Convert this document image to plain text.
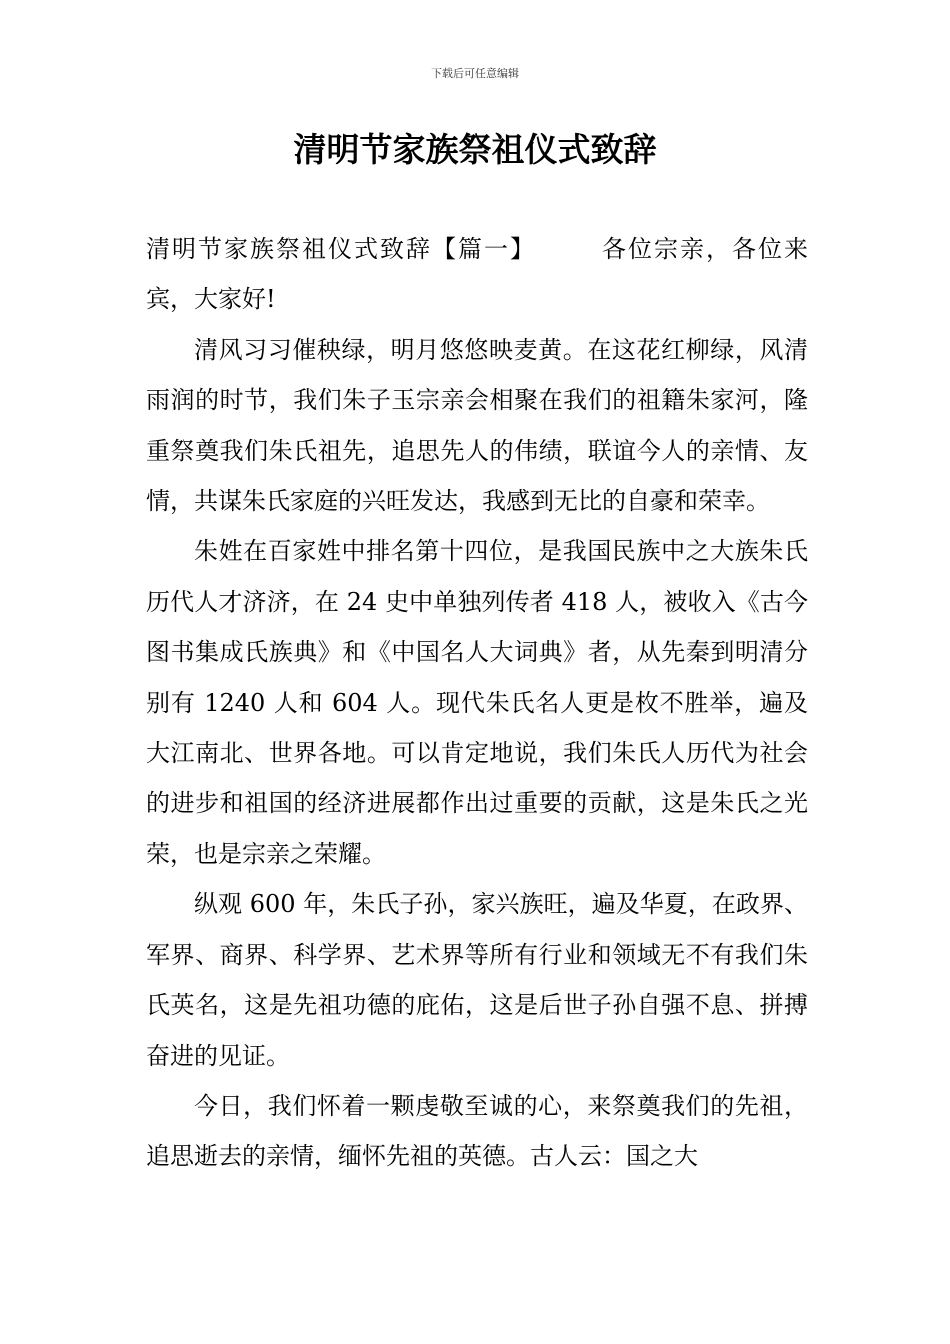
下载后可任意编辑
清明节家族祭祖仪式致辞

清明节家族祭祖仪式致辞【篇一】	各位宗亲，各位来宾，大家好!

清风习习催秧绿，明月悠悠映麦黄。在这花红柳绿，风清雨润的时节，我们朱子玉宗亲会相聚在我们的祖籍朱家河，隆重祭奠我们朱氏祖先，追思先人的伟绩，联谊今人的亲情、友情，共谋朱氏家庭的兴旺发达，我感到无比的自豪和荣幸。

朱姓在百家姓中排名第十四位，是我国民族中之大族朱氏历代人才济济，在 24 史中单独列传者 418 人，被收入《古今图书集成氏族典》和《中国名人大词典》者，从先秦到明清分别有 1240 人和 604 人。现代朱氏名人更是枚不胜举，遍及大江南北、世界各地。可以肯定地说，我们朱氏人历代为社会的进步和祖国的经济进展都作出过重要的贡献，这是朱氏之光荣，也是宗亲之荣耀。

纵观 600 年，朱氏子孙，家兴族旺，遍及华夏，在政界、军界、商界、科学界、艺术界等所有行业和领域无不有我们朱氏英名，这是先祖功德的庇佑，这是后世子孙自强不息、拼搏奋进的见证。

今日，我们怀着一颗虔敬至诚的心，来祭奠我们的先祖，追思逝去的亲情，缅怀先祖的英德。古人云：国之大
